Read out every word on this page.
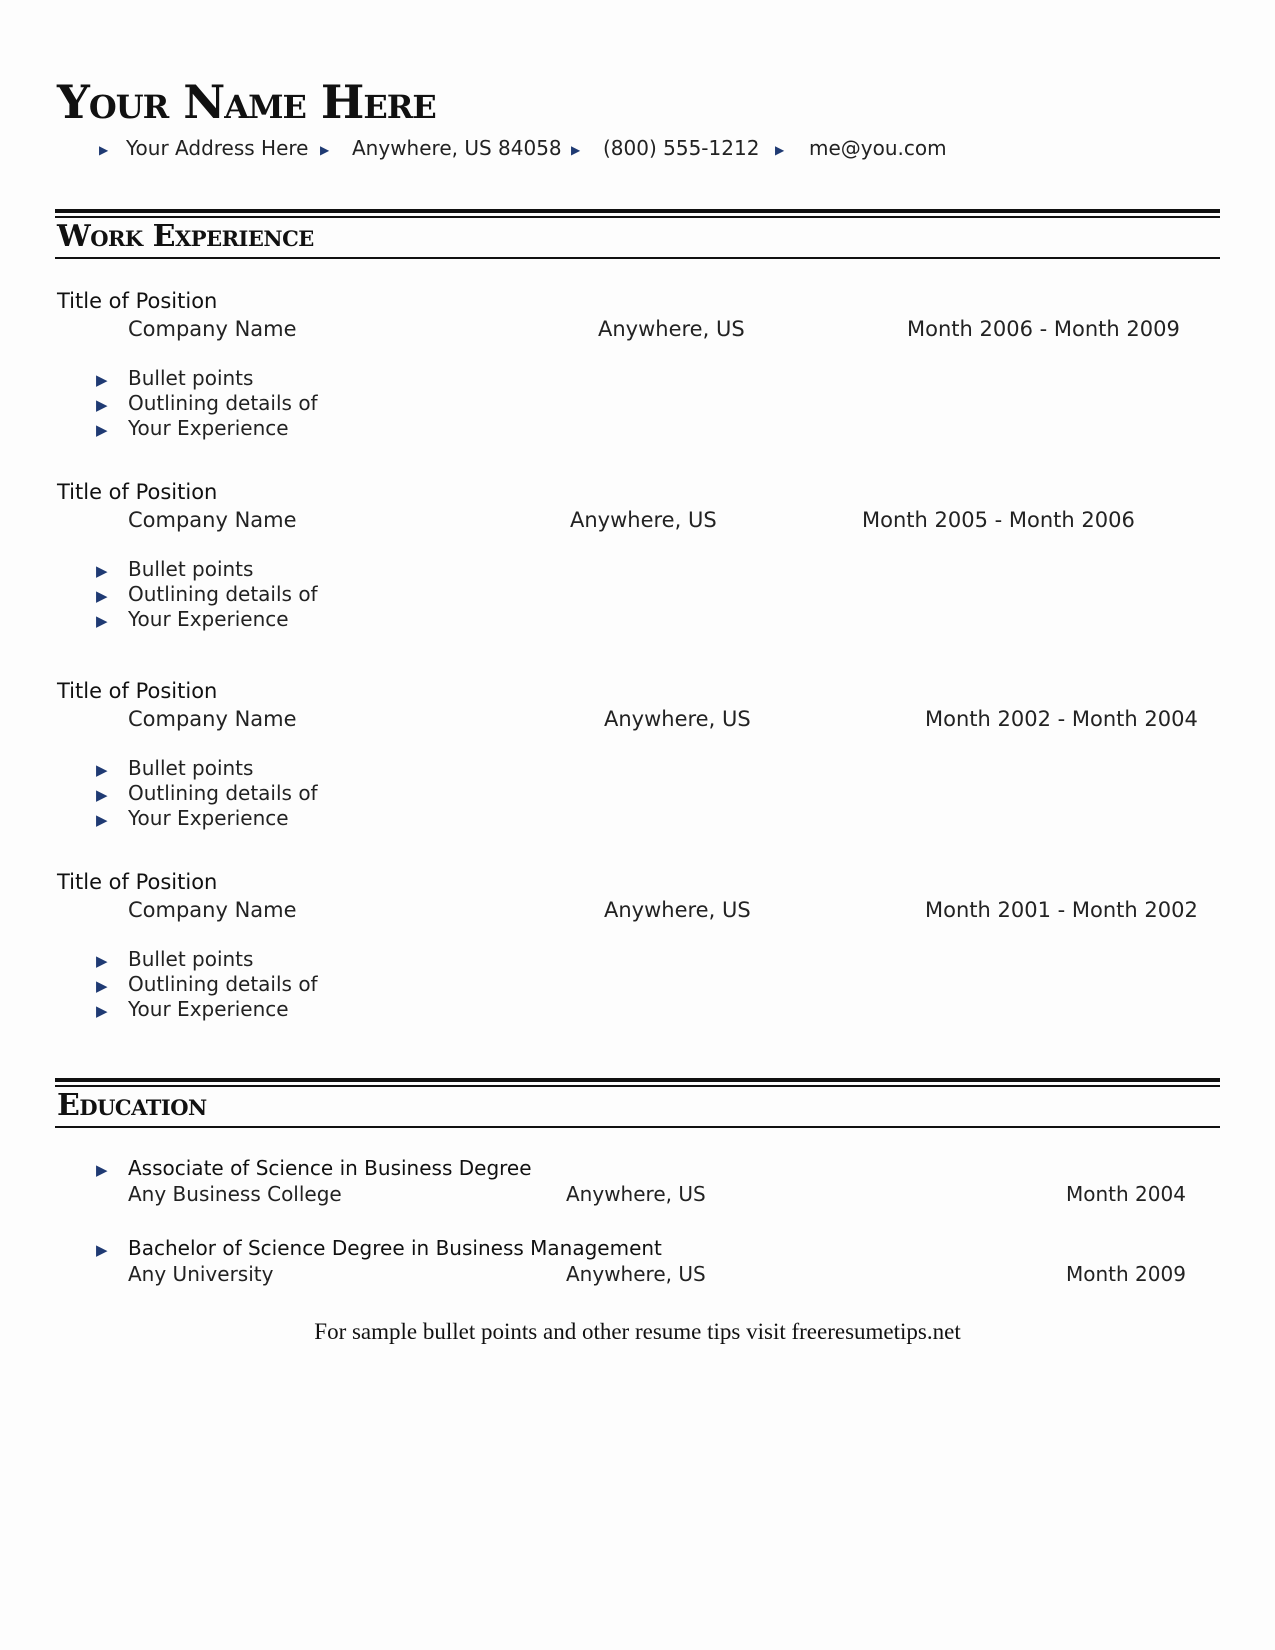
Your Name Here
▶ Your Address Here ▶ Anywhere, US 84058 ▶ (800) 555-1212 ▶ me@you.com
Work Experience
Title of Position
Company Name	Anywhere, US	Month 2006 - Month 2009
▶ Bullet points
▶ Outlining details of
▶ Your Experience
Title of Position
Company Name	Anywhere, US	Month 2005 - Month 2006
▶ Bullet points
▶ Outlining details of
▶ Your Experience
Title of Position
Company Name	Anywhere, US	Month 2002 - Month 2004
▶ Bullet points
▶ Outlining details of
▶ Your Experience
Title of Position
Company Name	Anywhere, US	Month 2001 - Month 2002
▶ Bullet points
▶ Outlining details of
▶ Your Experience
Education
▶ Associate of Science in Business Degree
Any Business College	Anywhere, US	Month 2004
▶ Bachelor of Science Degree in Business Management
Any University	Anywhere, US	Month 2009
For sample bullet points and other resume tips visit freeresumetips.net
